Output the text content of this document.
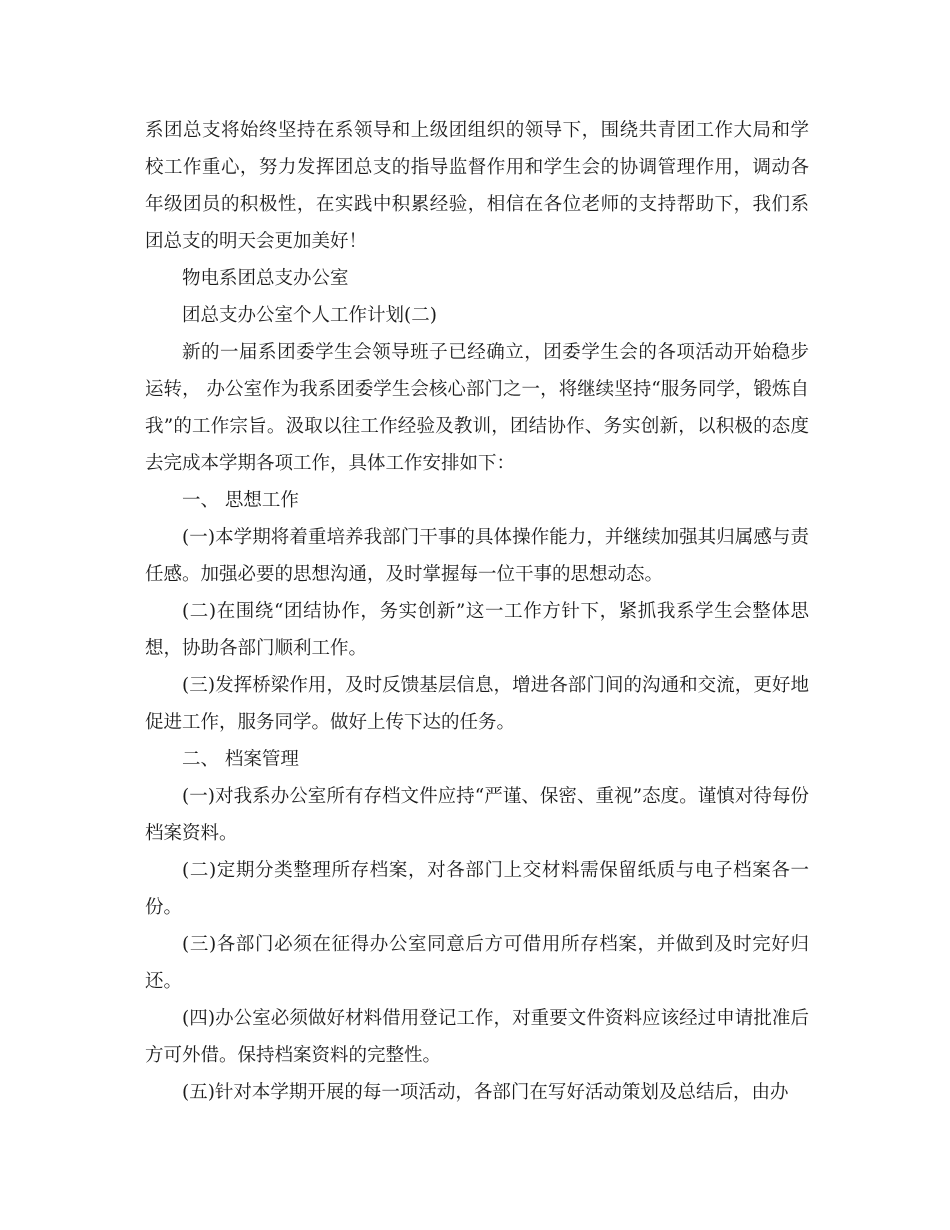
系团总支将始终坚持在系领导和上级团组织的领导下，围绕共青团工作大局和学校工作重心，努力发挥团总支的指导监督作用和学生会的协调管理作用，调动各年级团员的积极性，在实践中积累经验，相信在各位老师的支持帮助下，我们系团总支的明天会更加美好！

物电系团总支办公室

团总支办公室个人工作计划(二)

新的一届系团委学生会领导班子已经确立，团委学生会的各项活动开始稳步运转， 办公室作为我系团委学生会核心部门之一，将继续坚持“服务同学，锻炼自我”的工作宗旨。汲取以往工作经验及教训，团结协作、务实创新，以积极的态度去完成本学期各项工作，具体工作安排如下：

一、 思想工作

(一)本学期将着重培养我部门干事的具体操作能力，并继续加强其归属感与责任感。加强必要的思想沟通，及时掌握每一位干事的思想动态。

(二)在围绕“团结协作，务实创新”这一工作方针下，紧抓我系学生会整体思想，协助各部门顺利工作。

(三)发挥桥梁作用，及时反馈基层信息，增进各部门间的沟通和交流，更好地促进工作，服务同学。做好上传下达的任务。

二、 档案管理

(一)对我系办公室所有存档文件应持“严谨、保密、重视”态度。谨慎对待每份档案资料。

(二)定期分类整理所存档案，对各部门上交材料需保留纸质与电子档案各一份。

(三)各部门必须在征得办公室同意后方可借用所存档案，并做到及时完好归还。

(四)办公室必须做好材料借用登记工作，对重要文件资料应该经过申请批准后方可外借。保持档案资料的完整性。

(五)针对本学期开展的每一项活动，各部门在写好活动策划及总结后，由办
